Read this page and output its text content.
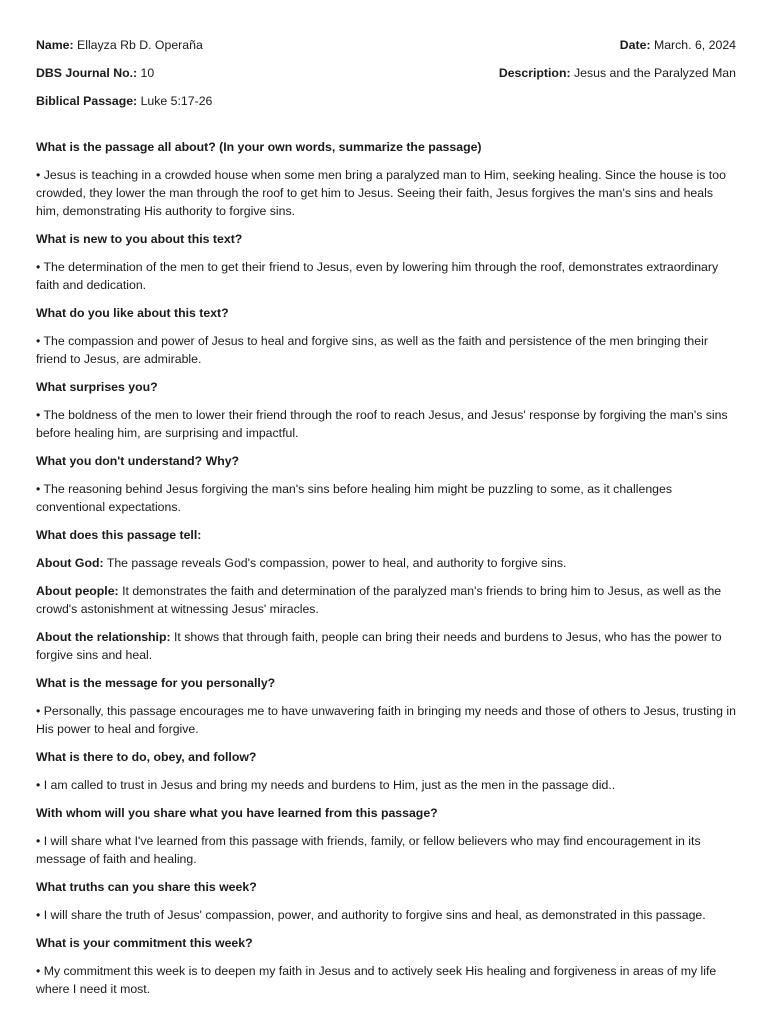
Name: Ellayza Rb D. Operaña	Date: March. 6, 2024
DBS Journal No.: 10	Description: Jesus and the Paralyzed Man
Biblical Passage: Luke 5:17-26
What is the passage all about? (In your own words, summarize the passage)
• Jesus is teaching in a crowded house when some men bring a paralyzed man to Him, seeking healing. Since the house is too crowded, they lower the man through the roof to get him to Jesus. Seeing their faith, Jesus forgives the man's sins and heals him, demonstrating His authority to forgive sins.
What is new to you about this text?
• The determination of the men to get their friend to Jesus, even by lowering him through the roof, demonstrates extraordinary faith and dedication.
What do you like about this text?
• The compassion and power of Jesus to heal and forgive sins, as well as the faith and persistence of the men bringing their friend to Jesus, are admirable.
What surprises you?
• The boldness of the men to lower their friend through the roof to reach Jesus, and Jesus' response by forgiving the man's sins before healing him, are surprising and impactful.
What you don't understand? Why?
• The reasoning behind Jesus forgiving the man's sins before healing him might be puzzling to some, as it challenges conventional expectations.
What does this passage tell:
About God: The passage reveals God's compassion, power to heal, and authority to forgive sins.
About people: It demonstrates the faith and determination of the paralyzed man's friends to bring him to Jesus, as well as the crowd's astonishment at witnessing Jesus' miracles.
About the relationship: It shows that through faith, people can bring their needs and burdens to Jesus, who has the power to forgive sins and heal.
What is the message for you personally?
• Personally, this passage encourages me to have unwavering faith in bringing my needs and those of others to Jesus, trusting in His power to heal and forgive.
What is there to do, obey, and follow?
• I am called to trust in Jesus and bring my needs and burdens to Him, just as the men in the passage did..
With whom will you share what you have learned from this passage?
• I will share what I've learned from this passage with friends, family, or fellow believers who may find encouragement in its message of faith and healing.
What truths can you share this week?
• I will share the truth of Jesus' compassion, power, and authority to forgive sins and heal, as demonstrated in this passage.
What is your commitment this week?
• My commitment this week is to deepen my faith in Jesus and to actively seek His healing and forgiveness in areas of my life where I need it most.
